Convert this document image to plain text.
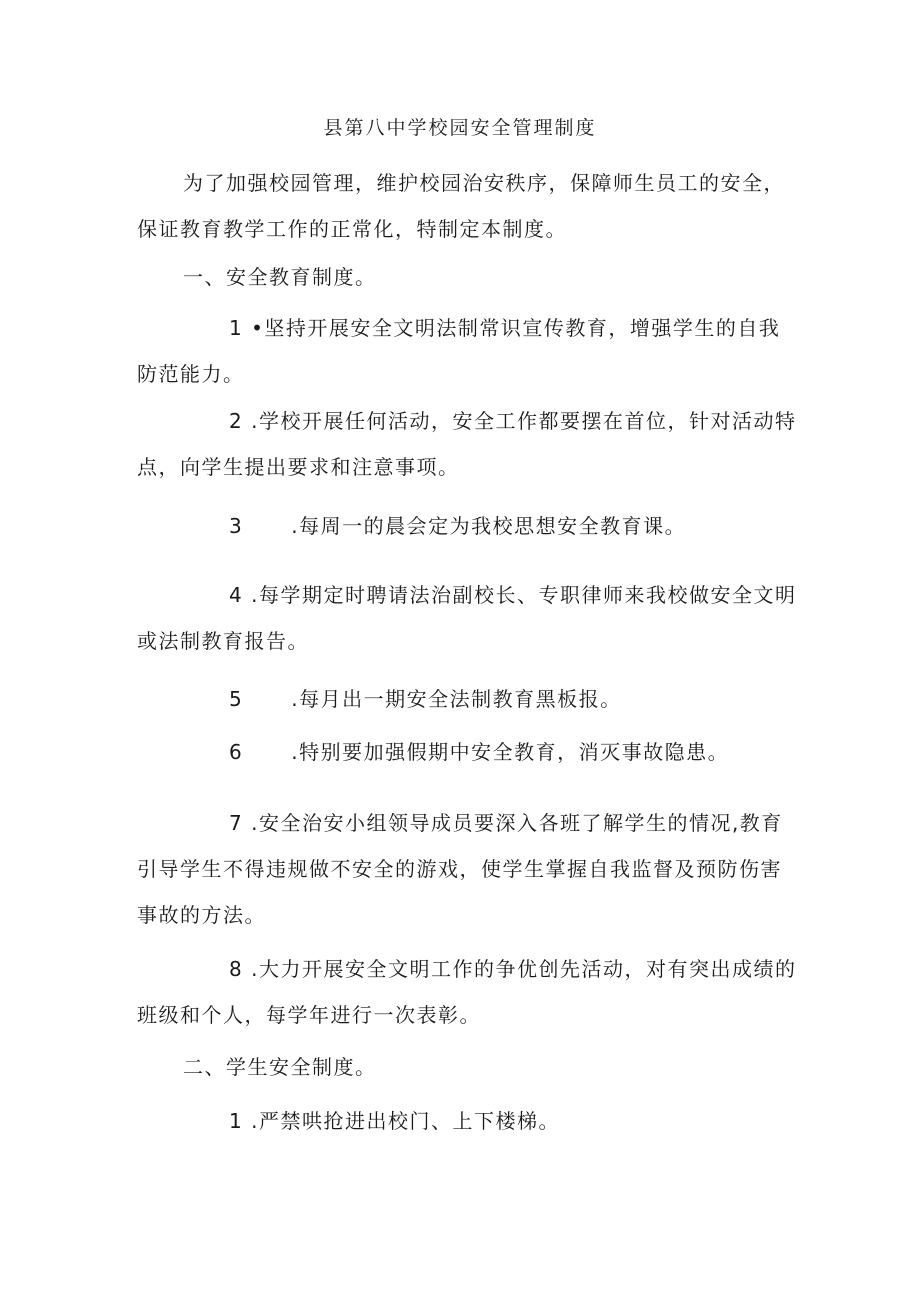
县第八中学校园安全管理制度

为了加强校园管理，维护校园治安秩序，保障师生员工的安全，保证教育教学工作的正常化，特制定本制度。

一、安全教育制度。

1 •坚持开展安全文明法制常识宣传教育，增强学生的自我防范能力。

2 .学校开展任何活动，安全工作都要摆在首位，针对活动特点，向学生提出要求和注意事项。

3 .每周一的晨会定为我校思想安全教育课。

4 .每学期定时聘请法治副校长、专职律师来我校做安全文明或法制教育报告。

5 .每月出一期安全法制教育黑板报。

6 .特别要加强假期中安全教育，消灭事故隐患。

7 .安全治安小组领导成员要深入各班了解学生的情况,教育引导学生不得违规做不安全的游戏，使学生掌握自我监督及预防伤害事故的方法。

8 .大力开展安全文明工作的争优创先活动，对有突出成绩的班级和个人，每学年进行一次表彰。

二、学生安全制度。

1 .严禁哄抢进出校门、上下楼梯。
